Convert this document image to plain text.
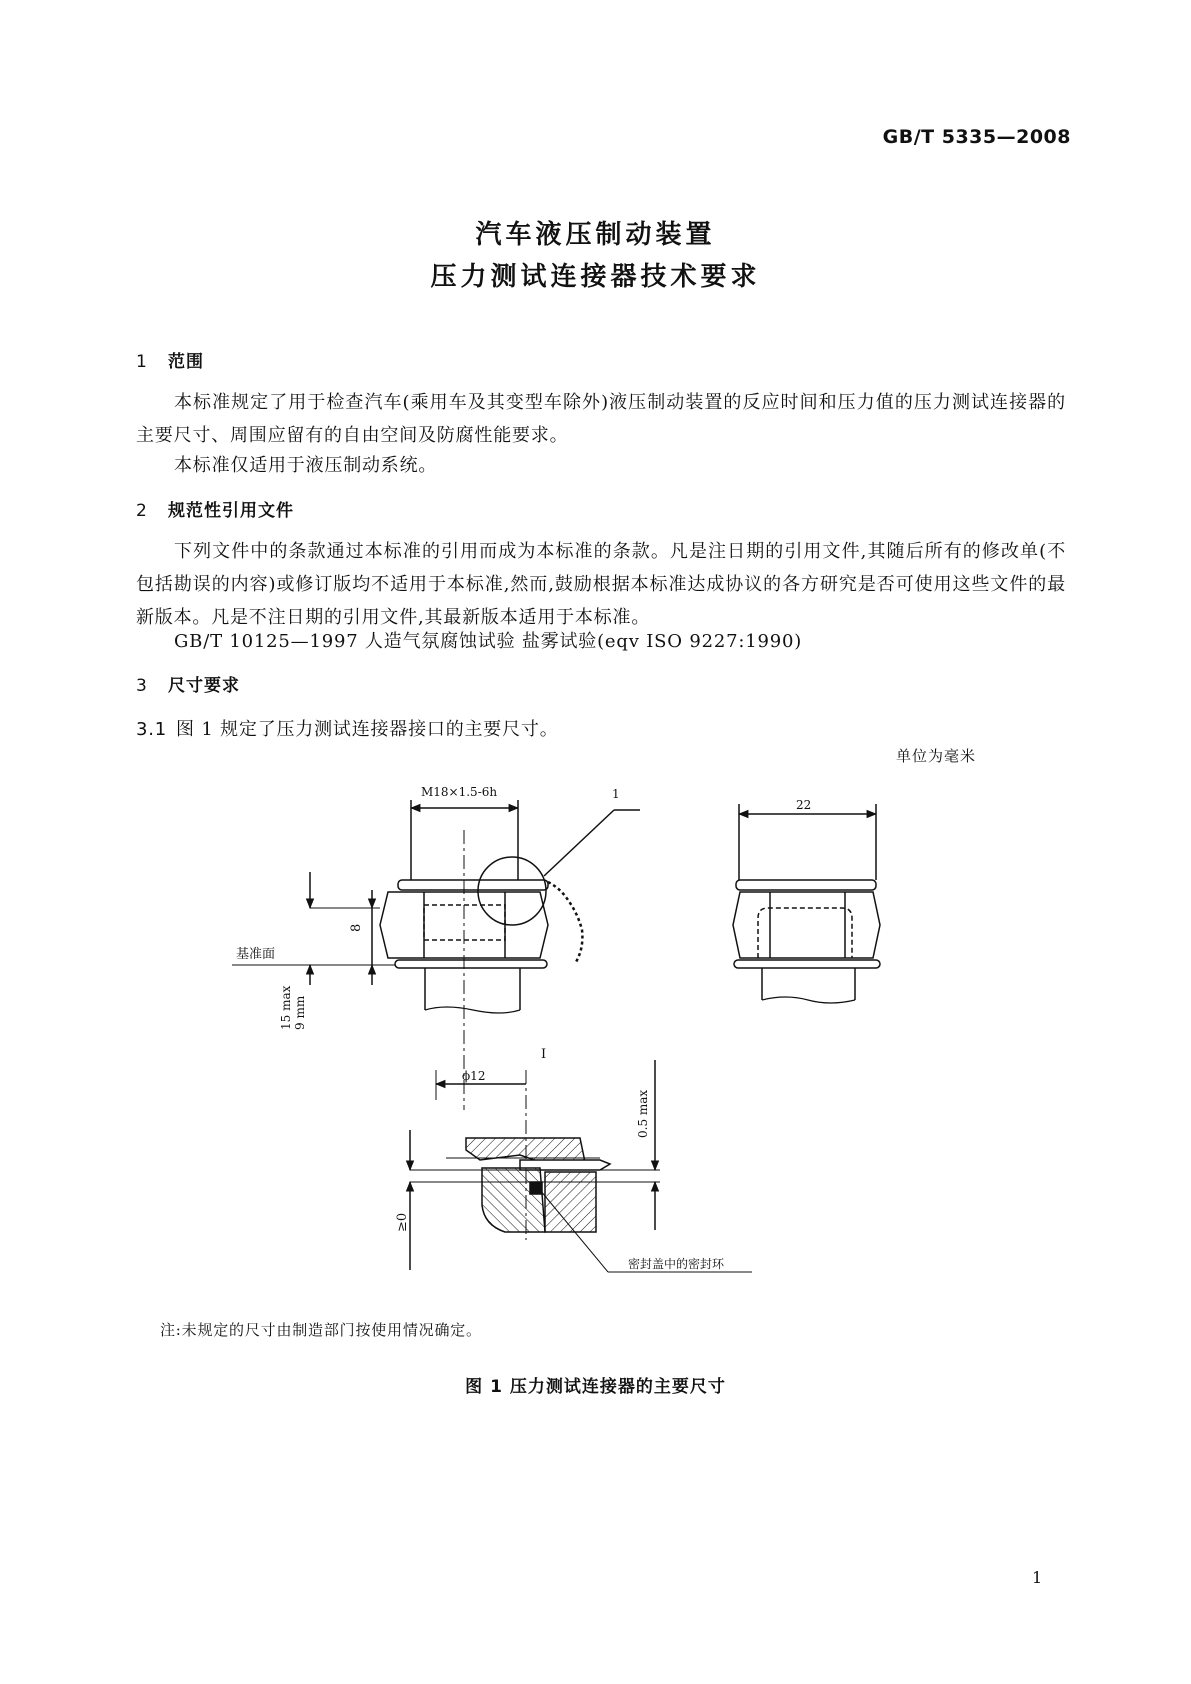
GB/T 5335—2008
汽车液压制动装置
压力测试连接器技术要求
1 范围
本标准规定了用于检查汽车(乘用车及其变型车除外)液压制动装置的反应时间和压力值的压力测试连接器的主要尺寸、周围应留有的自由空间及防腐性能要求。
本标准仅适用于液压制动系统。
2 规范性引用文件
下列文件中的条款通过本标准的引用而成为本标准的条款。凡是注日期的引用文件,其随后所有的修改单(不包括勘误的内容)或修订版均不适用于本标准,然而,鼓励根据本标准达成协议的各方研究是否可使用这些文件的最新版本。凡是不注日期的引用文件,其最新版本适用于本标准。
GB/T 10125—1997 人造气氛腐蚀试验 盐雾试验(eqv ISO 9227:1990)
3 尺寸要求
3.1 图 1 规定了压力测试连接器接口的主要尺寸。
单位为毫米
M18×1.5-6h	1
22
8
基准面
15 max 9 mm
I
ϕ12
0.5 max
≥0
密封盖中的密封环
注:未规定的尺寸由制造部门按使用情况确定。
图 1 压力测试连接器的主要尺寸
1
